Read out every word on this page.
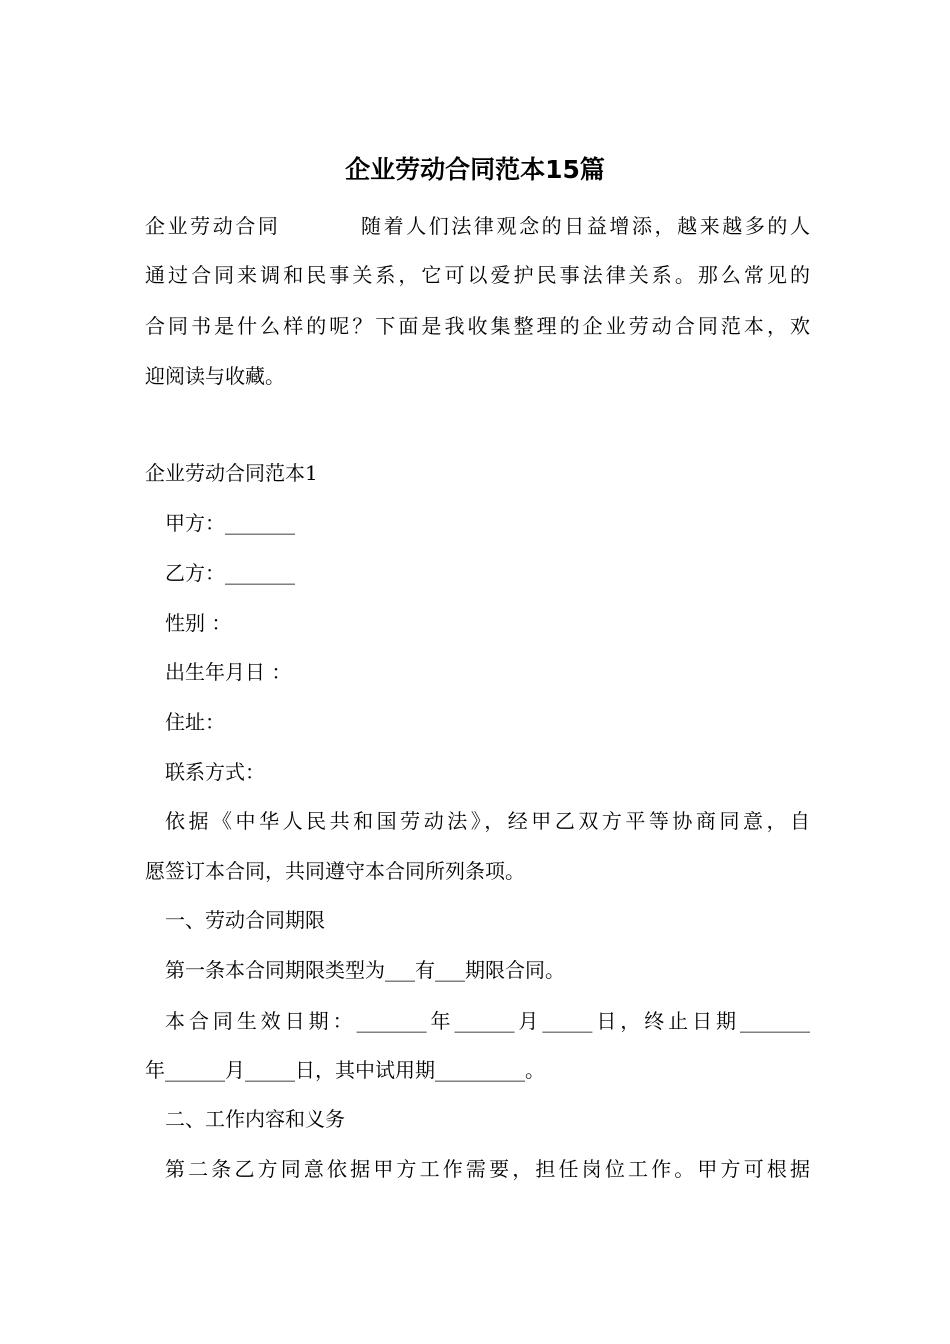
企业劳动合同范本15篇

企业劳动合同	随着人们法律观念的日益增添，越来越多的人

通过合同来调和民事关系，它可以爱护民事法律关系。那么常见的

合同书是什么样的呢？下面是我收集整理的企业劳动合同范本，欢

迎阅读与收藏。

企业劳动合同范本1

甲方：_______

乙方：_______

性别 ：

出生年月日 ：

住址：

联系方式：

依据《中华人民共和国劳动法》，经甲乙双方平等协商同意，自

愿签订本合同，共同遵守本合同所列条项。

一、劳动合同期限

第一条本合同期限类型为___有___期限合同。

本合同生效日期：_______年______月_____日，终止日期_______

年______月_____日，其中试用期_________。

二、工作内容和义务

第二条乙方同意依据甲方工作需要，担任岗位工作。甲方可根据
